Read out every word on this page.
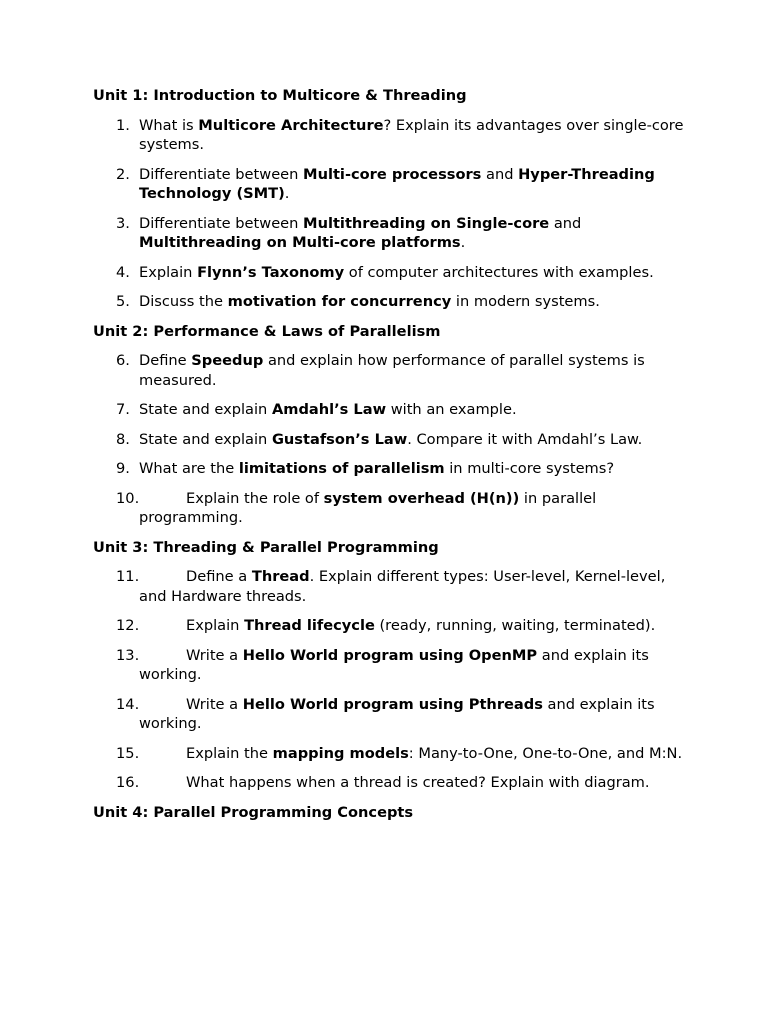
Unit 1: Introduction to Multicore & Threading
1. What is Multicore Architecture? Explain its advantages over single-core systems.
2. Differentiate between Multi-core processors and Hyper-Threading Technology (SMT).
3. Differentiate between Multithreading on Single-core and Multithreading on Multi-core platforms.
4. Explain Flynn’s Taxonomy of computer architectures with examples.
5. Discuss the motivation for concurrency in modern systems.
Unit 2: Performance & Laws of Parallelism
6. Define Speedup and explain how performance of parallel systems is measured.
7. State and explain Amdahl’s Law with an example.
8. State and explain Gustafson’s Law. Compare it with Amdahl’s Law.
9. What are the limitations of parallelism in multi-core systems?
10.	Explain the role of system overhead (H(n)) in parallel programming.
Unit 3: Threading & Parallel Programming
11.	Define a Thread. Explain different types: User-level, Kernel-level, and Hardware threads.
12.	Explain Thread lifecycle (ready, running, waiting, terminated).
13.	Write a Hello World program using OpenMP and explain its working.
14.	Write a Hello World program using Pthreads and explain its working.
15.	Explain the mapping models: Many-to-One, One-to-One, and M:N.
16.	What happens when a thread is created? Explain with diagram.
Unit 4: Parallel Programming Concepts
